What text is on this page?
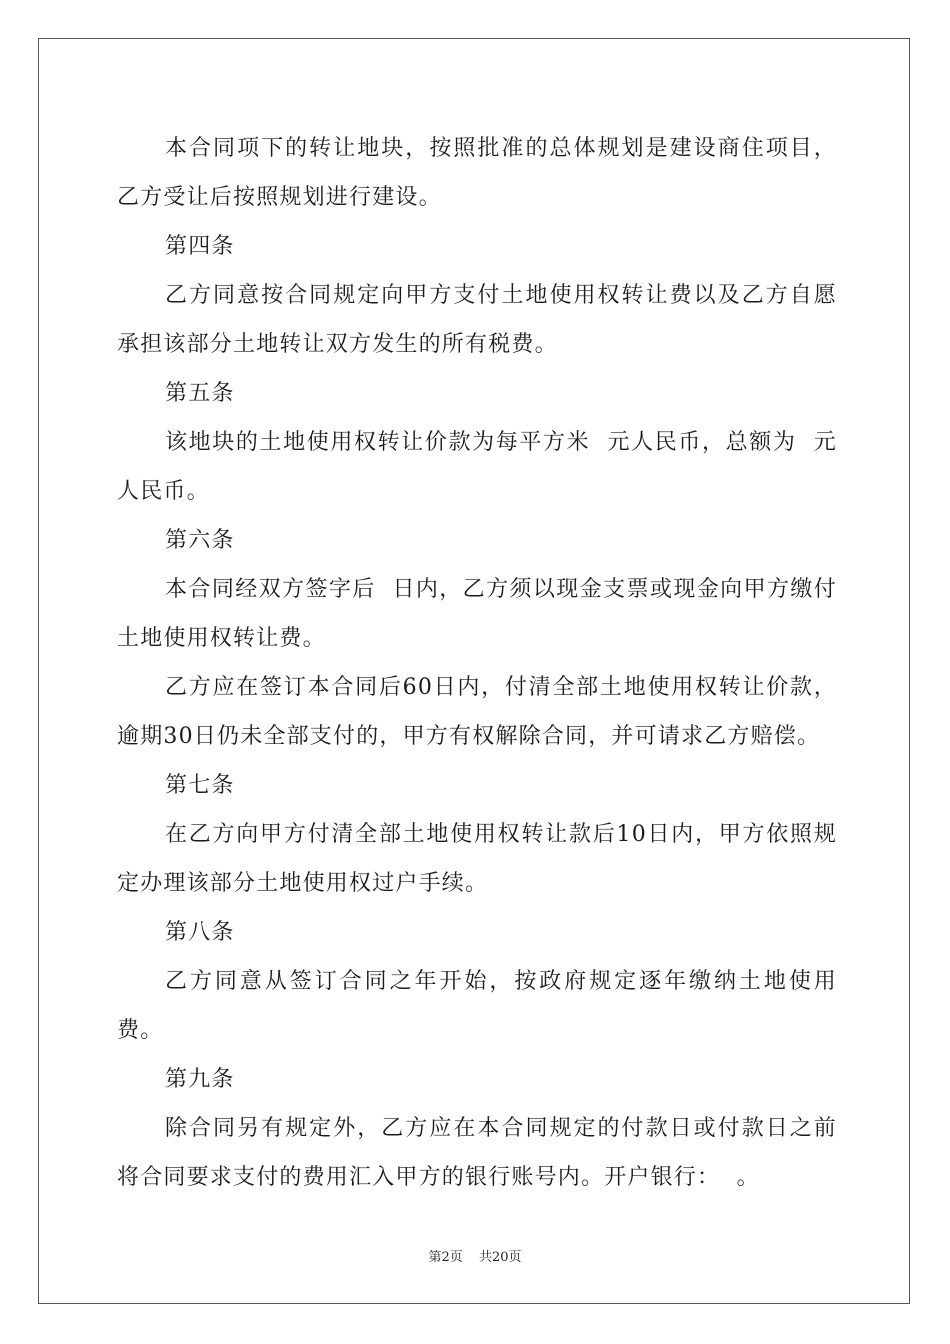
本合同项下的转让地块，按照批准的总体规划是建设商住项目，乙方受让后按照规划进行建设。

第四条

乙方同意按合同规定向甲方支付土地使用权转让费以及乙方自愿承担该部分土地转让双方发生的所有税费。

第五条

该地块的土地使用权转让价款为每平方米  元人民币，总额为  元人民币。

第六条

本合同经双方签字后  日内，乙方须以现金支票或现金向甲方缴付土地使用权转让费。

乙方应在签订本合同后60日内，付清全部土地使用权转让价款，逾期30日仍未全部支付的，甲方有权解除合同，并可请求乙方赔偿。

第七条

在乙方向甲方付清全部土地使用权转让款后10日内，甲方依照规定办理该部分土地使用权过户手续。

第八条

乙方同意从签订合同之年开始，按政府规定逐年缴纳土地使用费。

第九条

除合同另有规定外，乙方应在本合同规定的付款日或付款日之前将合同要求支付的费用汇入甲方的银行账号内。开户银行：  。

第2页 共20页
